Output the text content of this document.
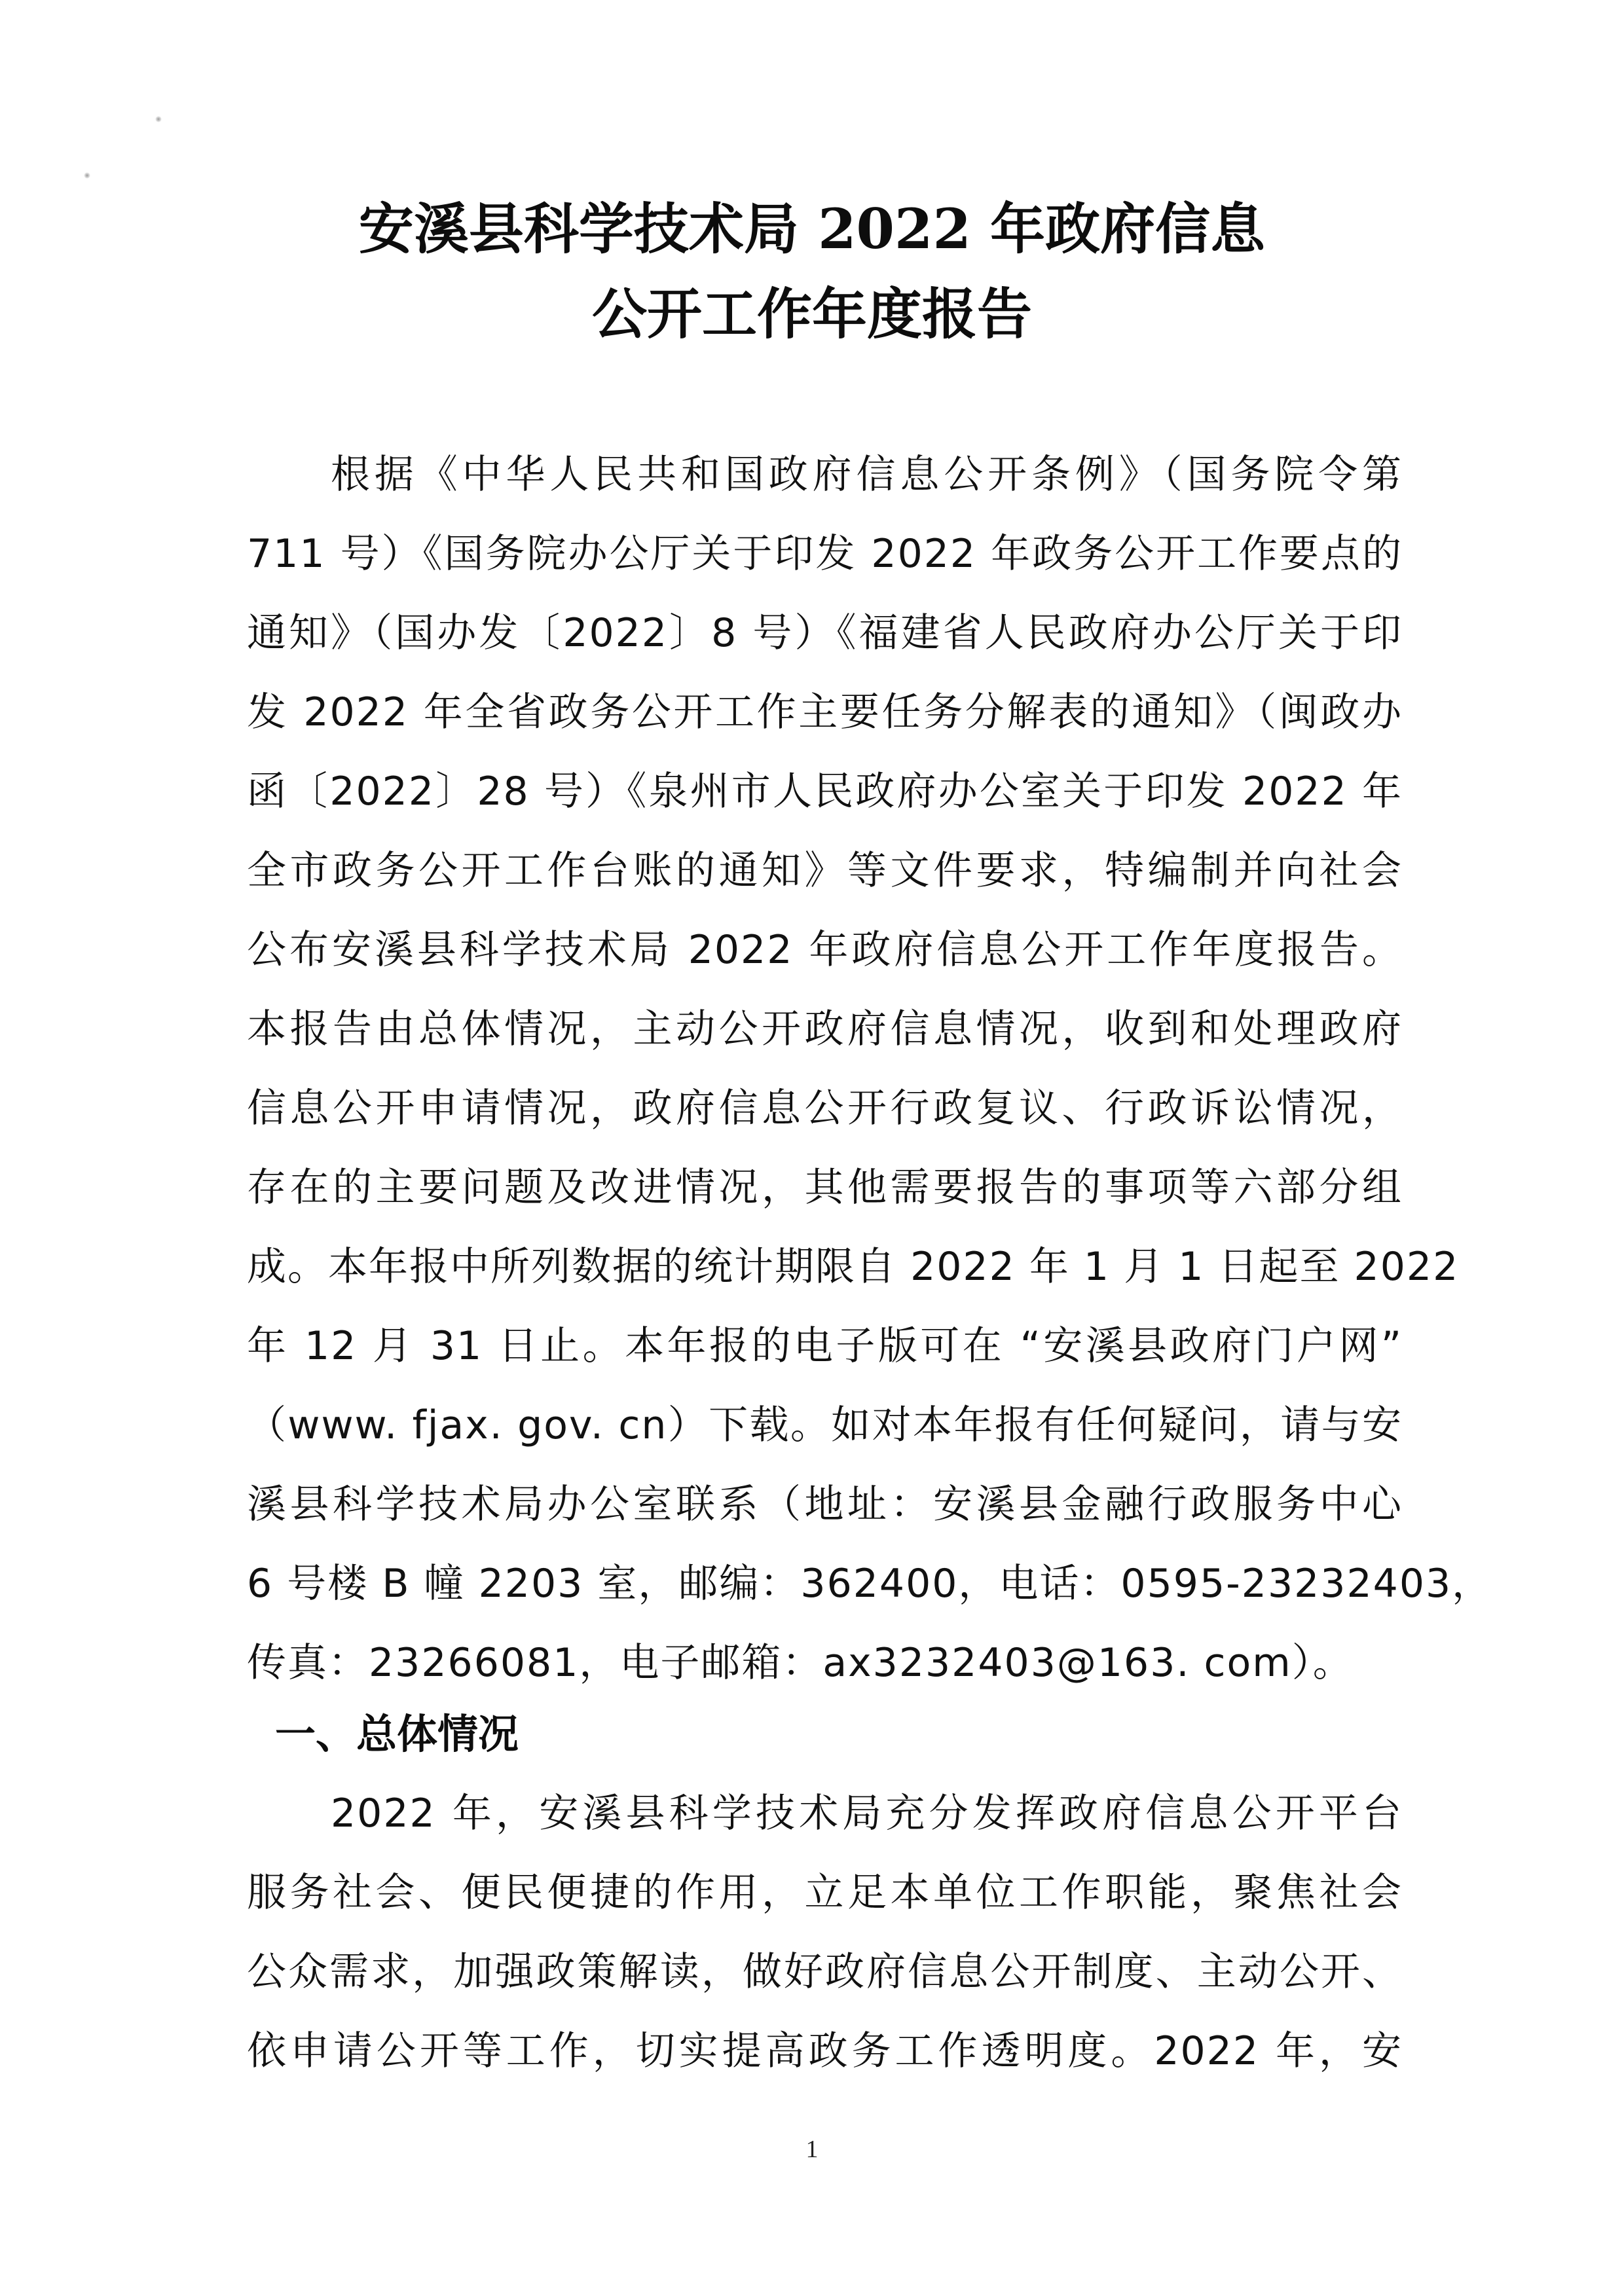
安溪县科学技术局 2022 年政府信息
公开工作年度报告
根据《中华人民共和国政府信息公开条例》（国务院令第
711 号）《国务院办公厅关于印发 2022 年政务公开工作要点的
通知》（国办发〔2022〕8 号）《福建省人民政府办公厅关于印
发 2022 年全省政务公开工作主要任务分解表的通知》（闽政办
函〔2022〕28 号）《泉州市人民政府办公室关于印发 2022 年
全市政务公开工作台账的通知》等文件要求，特编制并向社会
公布安溪县科学技术局 2022 年政府信息公开工作年度报告。
本报告由总体情况，主动公开政府信息情况，收到和处理政府
信息公开申请情况，政府信息公开行政复议、行政诉讼情况，
存在的主要问题及改进情况，其他需要报告的事项等六部分组
成。本年报中所列数据的统计期限自 2022 年 1 月 1 日起至 2022
年 12 月 31 日止。本年报的电子版可在 “安溪县政府门户网”
（www. fjax. gov. cn）下载。如对本年报有任何疑问，请与安
溪县科学技术局办公室联系（地址：安溪县金融行政服务中心
6 号楼 B 幢 2203 室，邮编：362400，电话：0595-23232403，
传真：23266081，电子邮箱：ax3232403@163. com）。
一、总体情况
2022 年，安溪县科学技术局充分发挥政府信息公开平台
服务社会、便民便捷的作用，立足本单位工作职能，聚焦社会
公众需求，加强政策解读，做好政府信息公开制度、主动公开、
依申请公开等工作，切实提高政务工作透明度。2022 年，安
1
